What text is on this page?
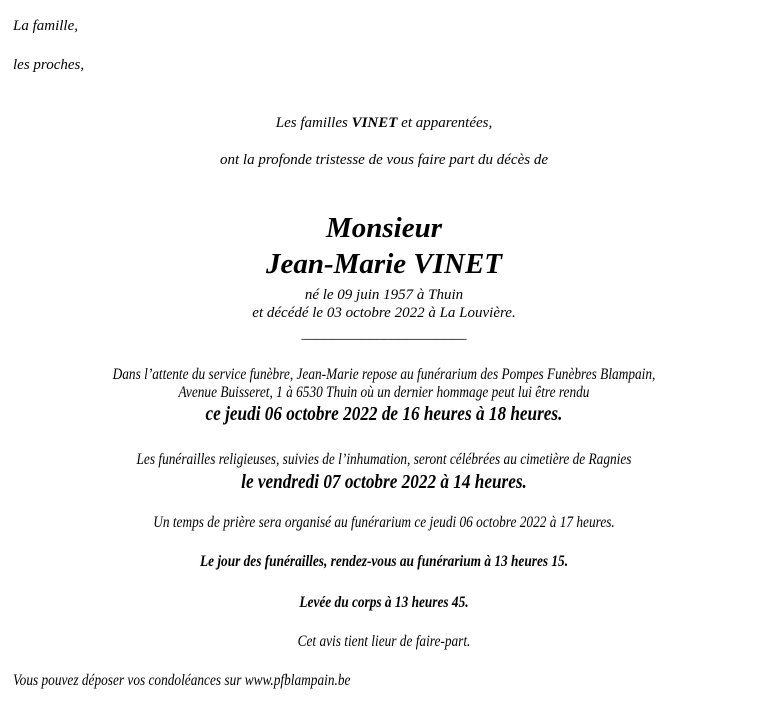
La famille,
les proches,
Les familles VINET et apparentées,
ont la profonde tristesse de vous faire part du décès de
Monsieur
Jean-Marie VINET
né le 09 juin 1957 à Thuin
et décédé le 03 octobre 2022 à La Louvière.
______________________
Dans l’attente du service funèbre, Jean-Marie repose au funérarium des Pompes Funèbres Blampain,
Avenue Buisseret, 1 à 6530 Thuin où un dernier hommage peut lui être rendu
ce jeudi 06 octobre 2022 de 16 heures à 18 heures.
Les funérailles religieuses, suivies de l’inhumation, seront célébrées au cimetière de Ragnies
le vendredi 07 octobre 2022 à 14 heures.
Un temps de prière sera organisé au funérarium ce jeudi 06 octobre 2022 à 17 heures.
Le jour des funérailles, rendez-vous au funérarium à 13 heures 15.
Levée du corps à 13 heures 45.
Cet avis tient lieur de faire-part.
Vous pouvez déposer vos condoléances sur www.pfblampain.be
